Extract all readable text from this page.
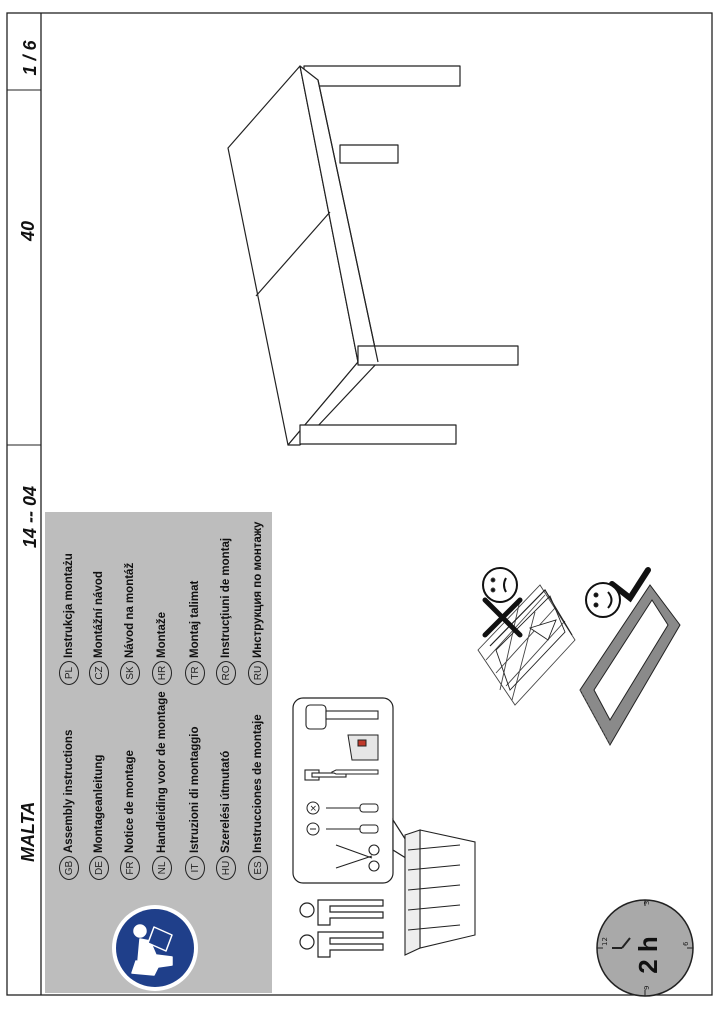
MALTA
14 -- 04
40
1 / 6
GB
Assembly instructions
DE
Montageanleitung
FR
Notice de montage
NL
Handleiding voor de montage
IT
Istruzioni di montaggio
HU
Szerelési útmutató
ES
Instrucciones de montaje
PL
Instrukcja montażu
CZ
Montážní návod
SK
Návod na montáž
HR
Montaže
TR
Montaj talimat
RO
Instrucţiuni de montaj
RU
Инструкция по монтажу
×
12
3
6
9
2 h
